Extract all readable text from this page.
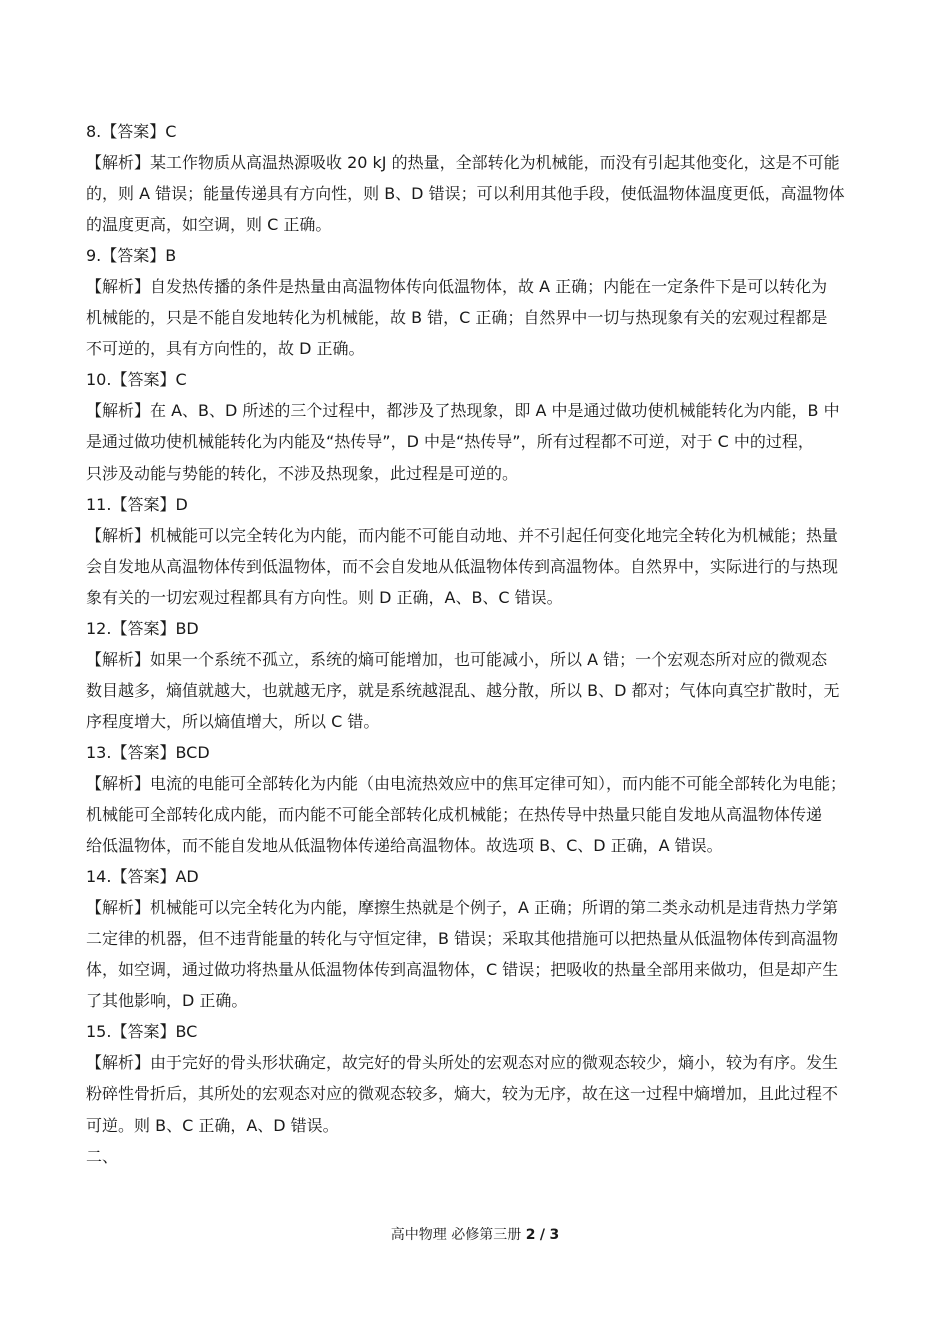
8.【答案】C
【解析】某工作物质从高温热源吸收 20 kJ 的热量，全部转化为机械能，而没有引起其他变化，这是不可能
的，则 A 错误；能量传递具有方向性，则 B、D 错误；可以利用其他手段，使低温物体温度更低，高温物体
的温度更高，如空调，则 C 正确。
9.【答案】B
【解析】自发热传播的条件是热量由高温物体传向低温物体，故 A 正确；内能在一定条件下是可以转化为
机械能的，只是不能自发地转化为机械能，故 B 错，C 正确；自然界中一切与热现象有关的宏观过程都是
不可逆的，具有方向性的，故 D 正确。
10.【答案】C
【解析】在 A、B、D 所述的三个过程中，都涉及了热现象，即 A 中是通过做功使机械能转化为内能，B 中
是通过做功使机械能转化为内能及“热传导”，D 中是“热传导”，所有过程都不可逆，对于 C 中的过程，
只涉及动能与势能的转化，不涉及热现象，此过程是可逆的。
11.【答案】D
【解析】机械能可以完全转化为内能，而内能不可能自动地、并不引起任何变化地完全转化为机械能；热量
会自发地从高温物体传到低温物体，而不会自发地从低温物体传到高温物体。自然界中，实际进行的与热现
象有关的一切宏观过程都具有方向性。则 D 正确，A、B、C 错误。
12.【答案】BD
【解析】如果一个系统不孤立，系统的熵可能增加，也可能减小，所以 A 错；一个宏观态所对应的微观态
数目越多，熵值就越大，也就越无序，就是系统越混乱、越分散，所以 B、D 都对；气体向真空扩散时，无
序程度增大，所以熵值增大，所以 C 错。
13.【答案】BCD
【解析】电流的电能可全部转化为内能（由电流热效应中的焦耳定律可知），而内能不可能全部转化为电能；
机械能可全部转化成内能，而内能不可能全部转化成机械能；在热传导中热量只能自发地从高温物体传递
给低温物体，而不能自发地从低温物体传递给高温物体。故选项 B、C、D 正确，A 错误。
14.【答案】AD
【解析】机械能可以完全转化为内能，摩擦生热就是个例子，A 正确；所谓的第二类永动机是违背热力学第
二定律的机器，但不违背能量的转化与守恒定律，B 错误；采取其他措施可以把热量从低温物体传到高温物
体，如空调，通过做功将热量从低温物体传到高温物体，C 错误；把吸收的热量全部用来做功，但是却产生
了其他影响，D 正确。
15.【答案】BC
【解析】由于完好的骨头形状确定，故完好的骨头所处的宏观态对应的微观态较少，熵小，较为有序。发生
粉碎性骨折后，其所处的宏观态对应的微观态较多，熵大，较为无序，故在这一过程中熵增加，且此过程不
可逆。则 B、C 正确，A、D 错误。
二、
高中物理 必修第三册 2 / 3
